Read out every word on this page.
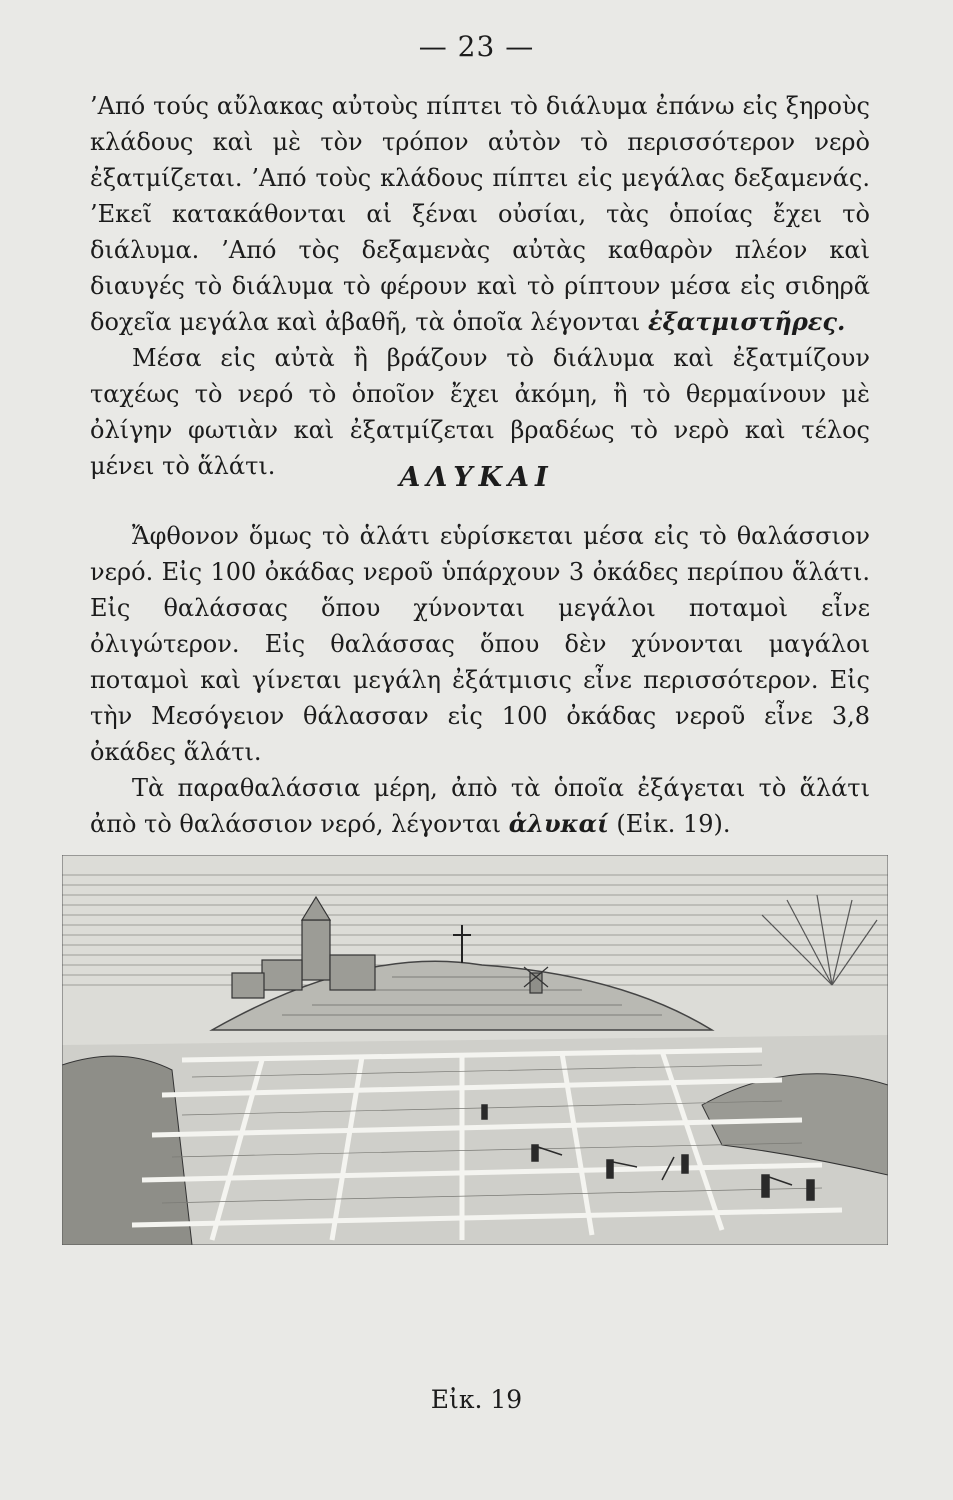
— 23 —

’Από τούς αὔλακας αὐτοὺς πίπτει τὸ διάλυμα ἐπάνω εἰς ξηροὺς κλάδους καὶ μὲ τὸν τρόπον αὐτὸν τὸ περισσότερον νερὸ ἐξατμίζεται. ’Από τοὺς κλάδους πίπτει εἰς μεγάλας δεξαμενάς. ’Εκεῖ κατακάθονται αἱ ξέναι οὐσίαι, τὰς ὁποίας ἔχει τὸ διάλυμα. ’Από τὸς δεξαμενὰς αὐτὰς καθαρὸν πλέον καὶ διαυγές τὸ διάλυμα τὸ φέρουν καὶ τὸ ρίπτουν μέσα εἰς σιδηρᾶ δοχεῖα μεγάλα καὶ ἀβαθῆ, τὰ ὁποῖα λέγονται ἐξατμιστῆρες.

Μέσα εἰς αὐτὰ ἢ βράζουν τὸ διάλυμα καὶ ἐξατμίζουν ταχέως τὸ νερό τὸ ὁποῖον ἔχει ἀκόμη, ἢ τὸ θερμαίνουν μὲ ὀλίγην φωτιὰν καὶ ἐξατμίζεται βραδέως τὸ νερὸ καὶ τέλος μένει τὸ ἅλάτι.	ΑΛΥΚΑΙ

Ἄφθονον ὅμως τὸ ἁλάτι εὑρίσκεται μέσα εἰς τὸ θαλάσσιον νερό. Εἰς 100 ὀκάδας νεροῦ ὑπάρχουν 3 ὀκάδες περίπου ἅλάτι. Εἰς θαλάσσας ὅπου χύνονται μεγάλοι ποταμοὶ εἶνε ὀλιγώτερον. Εἰς θαλάσσας ὅπου δὲν χύνονται μαγάλοι ποταμοὶ καὶ γίνεται μεγάλη ἐξάτμισις εἶνε περισσότερον. Εἰς τὴν Μεσόγειον θάλασσαν εἰς 100 ὀκάδας νεροῦ εἶνε 3,8 ὀκάδες ἅλάτι.

Τὰ παραθαλάσσια μέρη, ἀπὸ τὰ ὁποῖα ἐξάγεται τὸ ἅλάτι ἀπὸ τὸ θαλάσσιον νερό, λέγονται ἁλυκαί (Εἰκ. 19).

Εἰκ. 19
